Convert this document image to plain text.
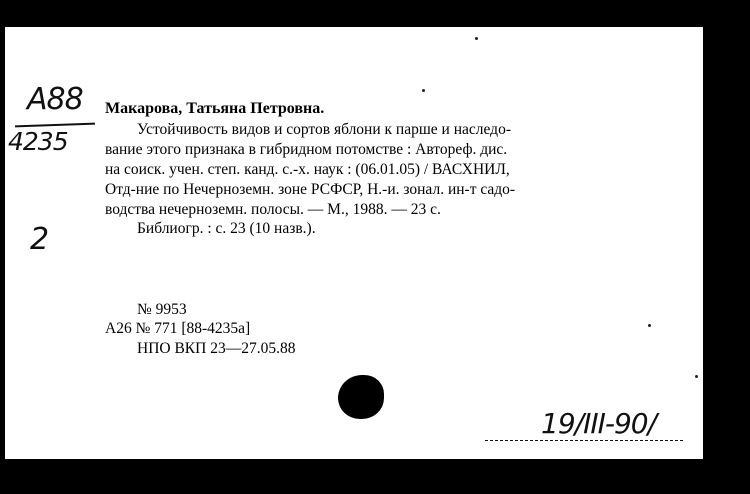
A88
4235
2
Макарова, Татьяна Петровна.
Устойчивость видов и сортов яблони к парше и наследо-
вание этого признака в гибридном потомстве : Автореф. дис.
на соиск. учен. степ. канд. с.-х. наук : (06.01.05) / ВАСХНИЛ,
Отд-ние по Нечерноземн. зоне РСФСР, Н.-и. зонал. ин-т садо-
водства нечерноземн. полосы. — М., 1988. — 23 с.
Библиогр. : с. 23 (10 назв.).
№ 9953
А26 № 771 [88-4235а]
НПО ВКП 23—27.05.88
19/III-90/
